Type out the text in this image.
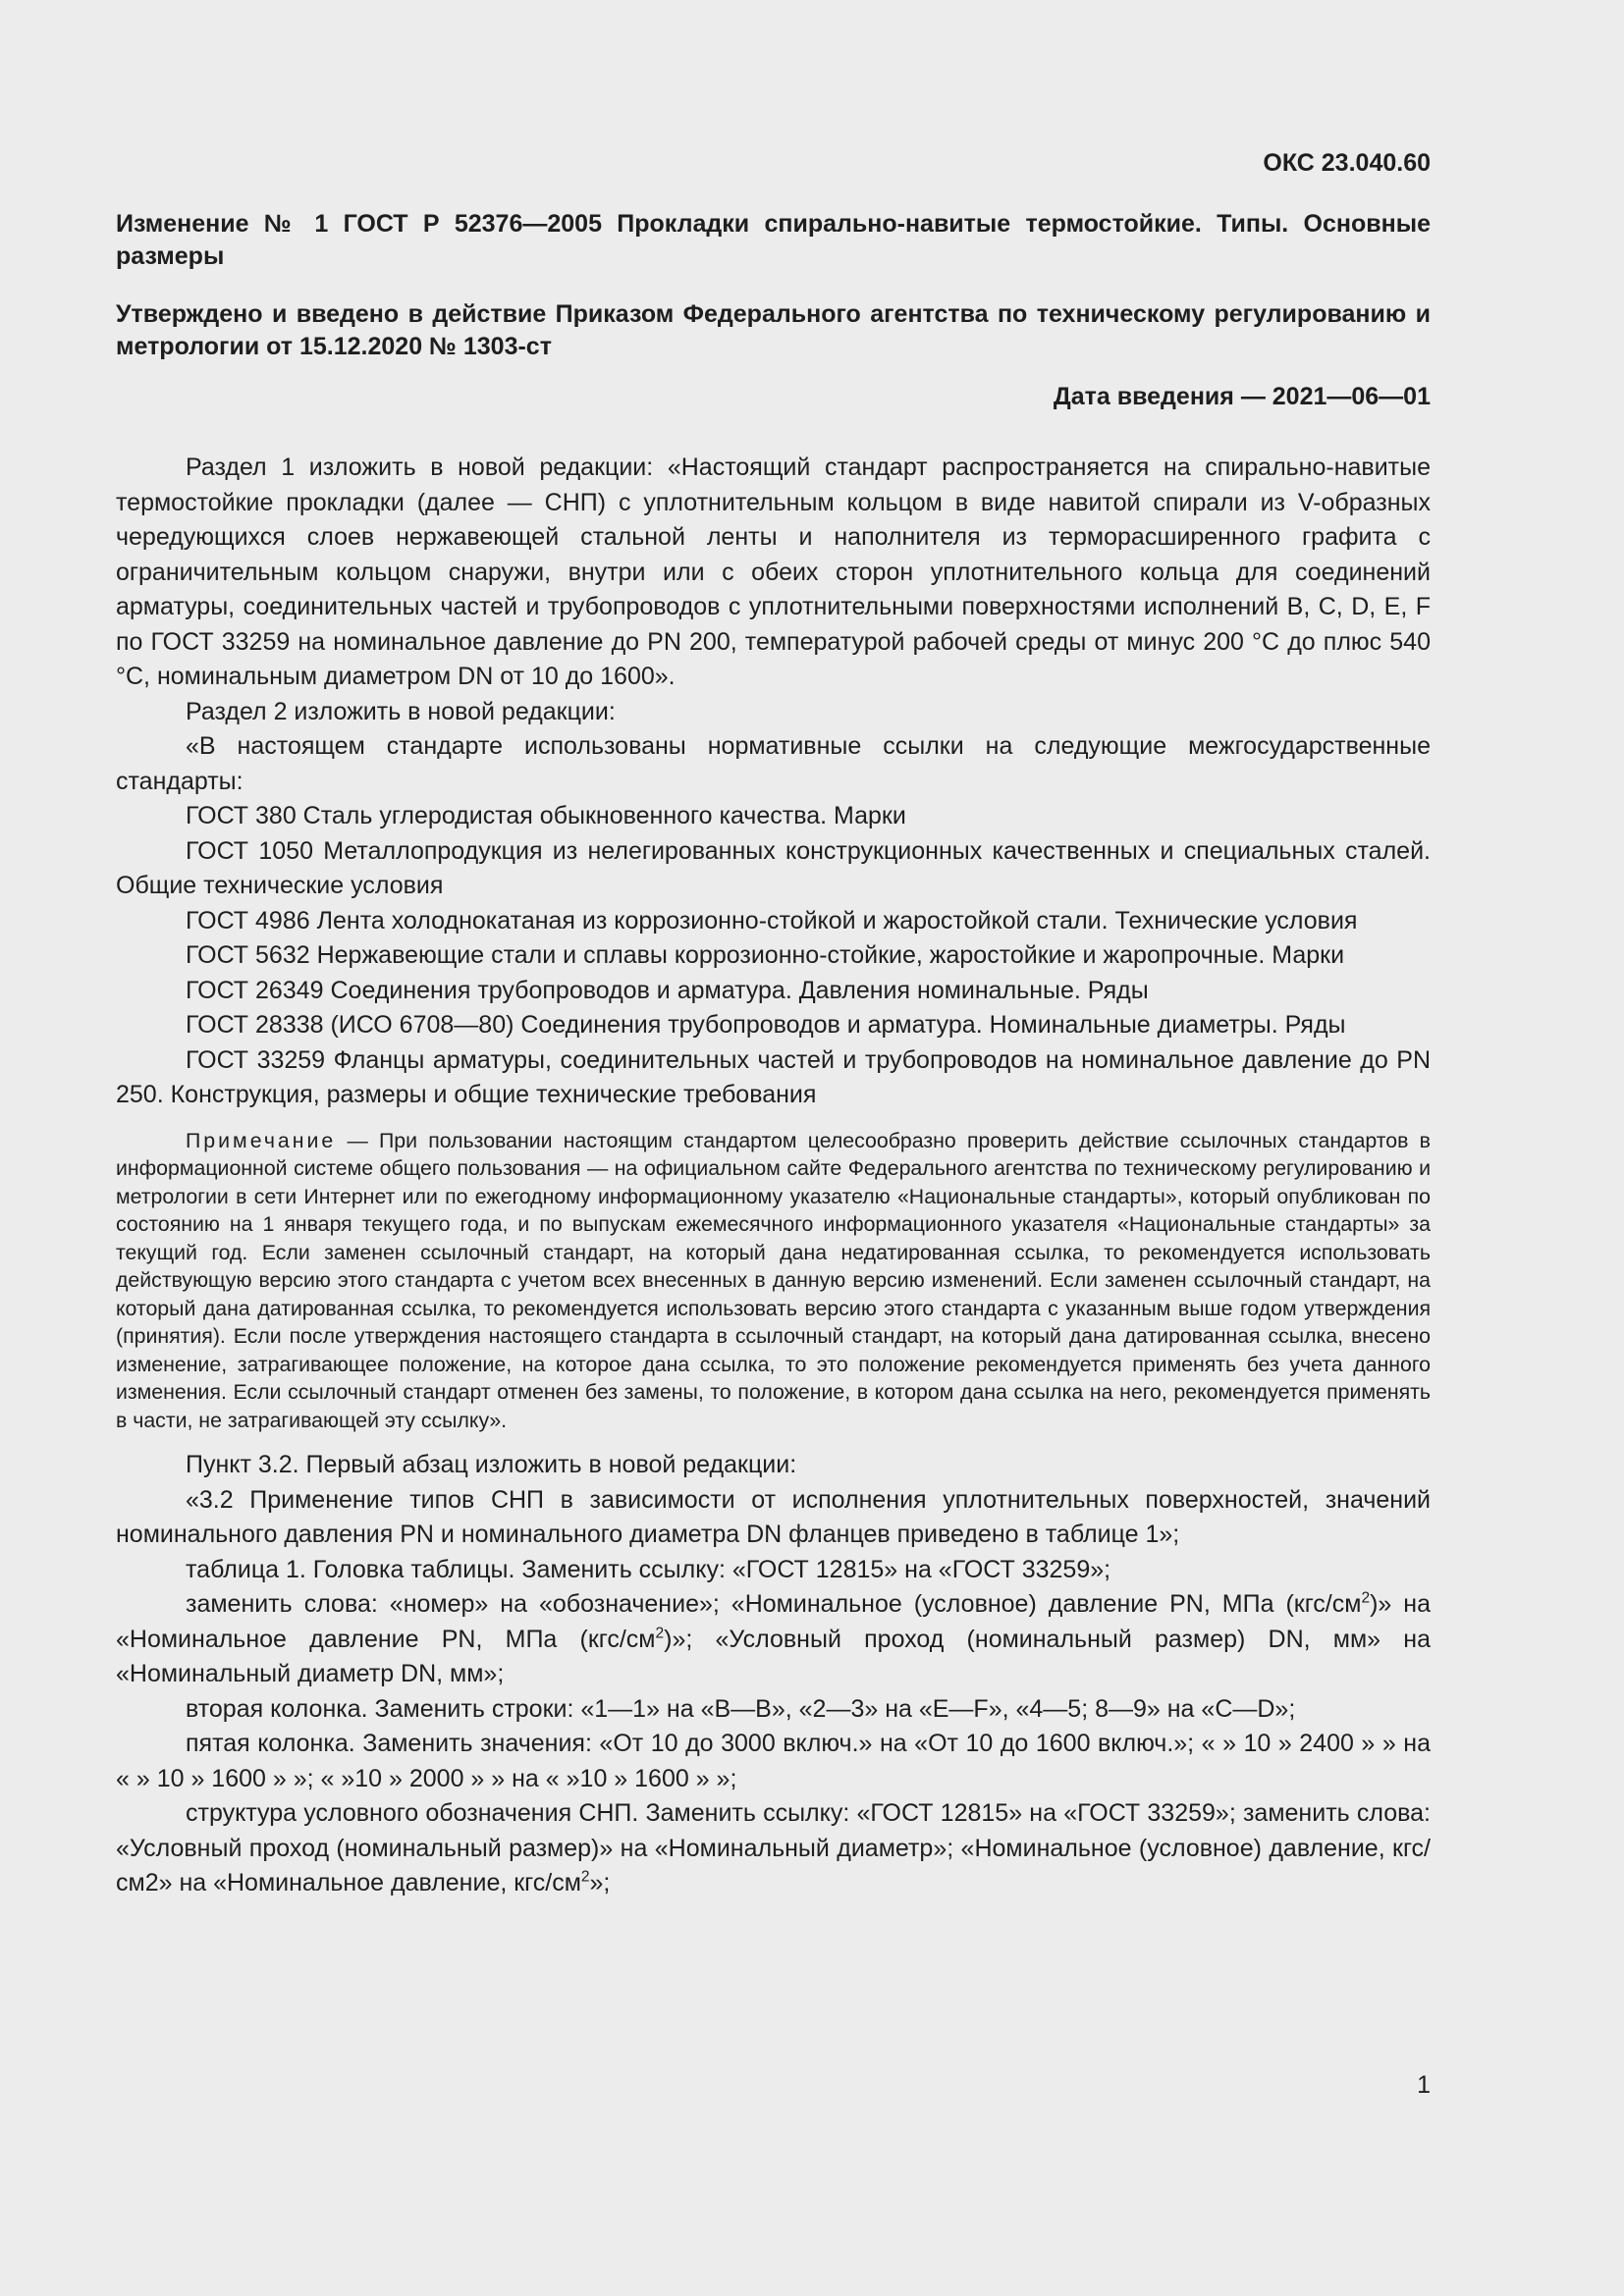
ОКС 23.040.60
Изменение № 1 ГОСТ Р 52376—2005 Прокладки спирально-навитые термостойкие. Типы. Основные размеры
Утверждено и введено в действие Приказом Федерального агентства по техническому регулированию и метрологии от 15.12.2020 № 1303-ст
Дата введения — 2021—06—01

Раздел 1 изложить в новой редакции: «Настоящий стандарт распространяется на спирально-навитые термостойкие прокладки (далее — СНП) с уплотнительным кольцом в виде навитой спирали из V-образных чередующихся слоев нержавеющей стальной ленты и наполнителя из терморасширенного графита с ограничительным кольцом снаружи, внутри или с обеих сторон уплотнительного кольца для соединений арматуры, соединительных частей и трубопроводов с уплотнительными поверхностями исполнений B, C, D, E, F по ГОСТ 33259 на номинальное давление до PN 200, температурой рабочей среды от минус 200 °С до плюс 540 °С, номинальным диаметром DN от 10 до 1600».

Раздел 2 изложить в новой редакции:

«В настоящем стандарте использованы нормативные ссылки на следующие межгосударственные стандарты:

ГОСТ 380 Сталь углеродистая обыкновенного качества. Марки

ГОСТ 1050 Металлопродукция из нелегированных конструкционных качественных и специальных сталей. Общие технические условия

ГОСТ 4986 Лента холоднокатаная из коррозионно-стойкой и жаростойкой стали. Технические условия

ГОСТ 5632 Нержавеющие стали и сплавы коррозионно-стойкие, жаростойкие и жаропрочные. Марки

ГОСТ 26349 Соединения трубопроводов и арматура. Давления номинальные. Ряды

ГОСТ 28338 (ИСО 6708—80) Соединения трубопроводов и арматура. Номинальные диаметры. Ряды

ГОСТ 33259 Фланцы арматуры, соединительных частей и трубопроводов на номинальное давление до PN 250. Конструкция, размеры и общие технические требования

Примечание — При пользовании настоящим стандартом целесообразно проверить действие ссылочных стандартов в информационной системе общего пользования — на официальном сайте Федерального агентства по техническому регулированию и метрологии в сети Интернет или по ежегодному информационному указателю «Национальные стандарты», который опубликован по состоянию на 1 января текущего года, и по выпускам ежемесячного информационного указателя «Национальные стандарты» за текущий год. Если заменен ссылочный стандарт, на который дана недатированная ссылка, то рекомендуется использовать действующую версию этого стандарта с учетом всех внесенных в данную версию изменений. Если заменен ссылочный стандарт, на который дана датированная ссылка, то рекомендуется использовать версию этого стандарта с указанным выше годом утверждения (принятия). Если после утверждения настоящего стандарта в ссылочный стандарт, на который дана датированная ссылка, внесено изменение, затрагивающее положение, на которое дана ссылка, то это положение рекомендуется применять без учета данного изменения. Если ссылочный стандарт отменен без замены, то положение, в котором дана ссылка на него, рекомендуется применять в части, не затрагивающей эту ссылку».

Пункт 3.2. Первый абзац изложить в новой редакции:

«3.2 Применение типов СНП в зависимости от исполнения уплотнительных поверхностей, значений номинального давления PN и номинального диаметра DN фланцев приведено в таблице 1»;

таблица 1. Головка таблицы. Заменить ссылку: «ГОСТ 12815» на «ГОСТ 33259»;

заменить слова: «номер» на «обозначение»; «Номинальное (условное) давление PN, МПа $(кгс/см^2)$» на «Номинальное давление PN, МПа $(кгс/см^2)$»; «Условный проход (номинальный размер) DN, мм» на «Номинальный диаметр DN, мм»;

вторая колонка. Заменить строки: «1—1» на «В—В», «2—3» на «Е—F», «4—5; 8—9» на «С—D»;

пятая колонка. Заменить значения: «От 10 до 3000 включ.» на «От 10 до 1600 включ.»; « » 10 » 2400 » » на « » 10 » 1600 » »; « »10 » 2000 » » на « »10 » 1600 » »;

структура условного обозначения СНП. Заменить ссылку: «ГОСТ 12815» на «ГОСТ 33259»; заменить слова: «Условный проход (номинальный размер)» на «Номинальный диаметр»; «Номинальное (условное) давление, кгс/см2» на «Номинальное давление, кгс/$см^2$»;

1
